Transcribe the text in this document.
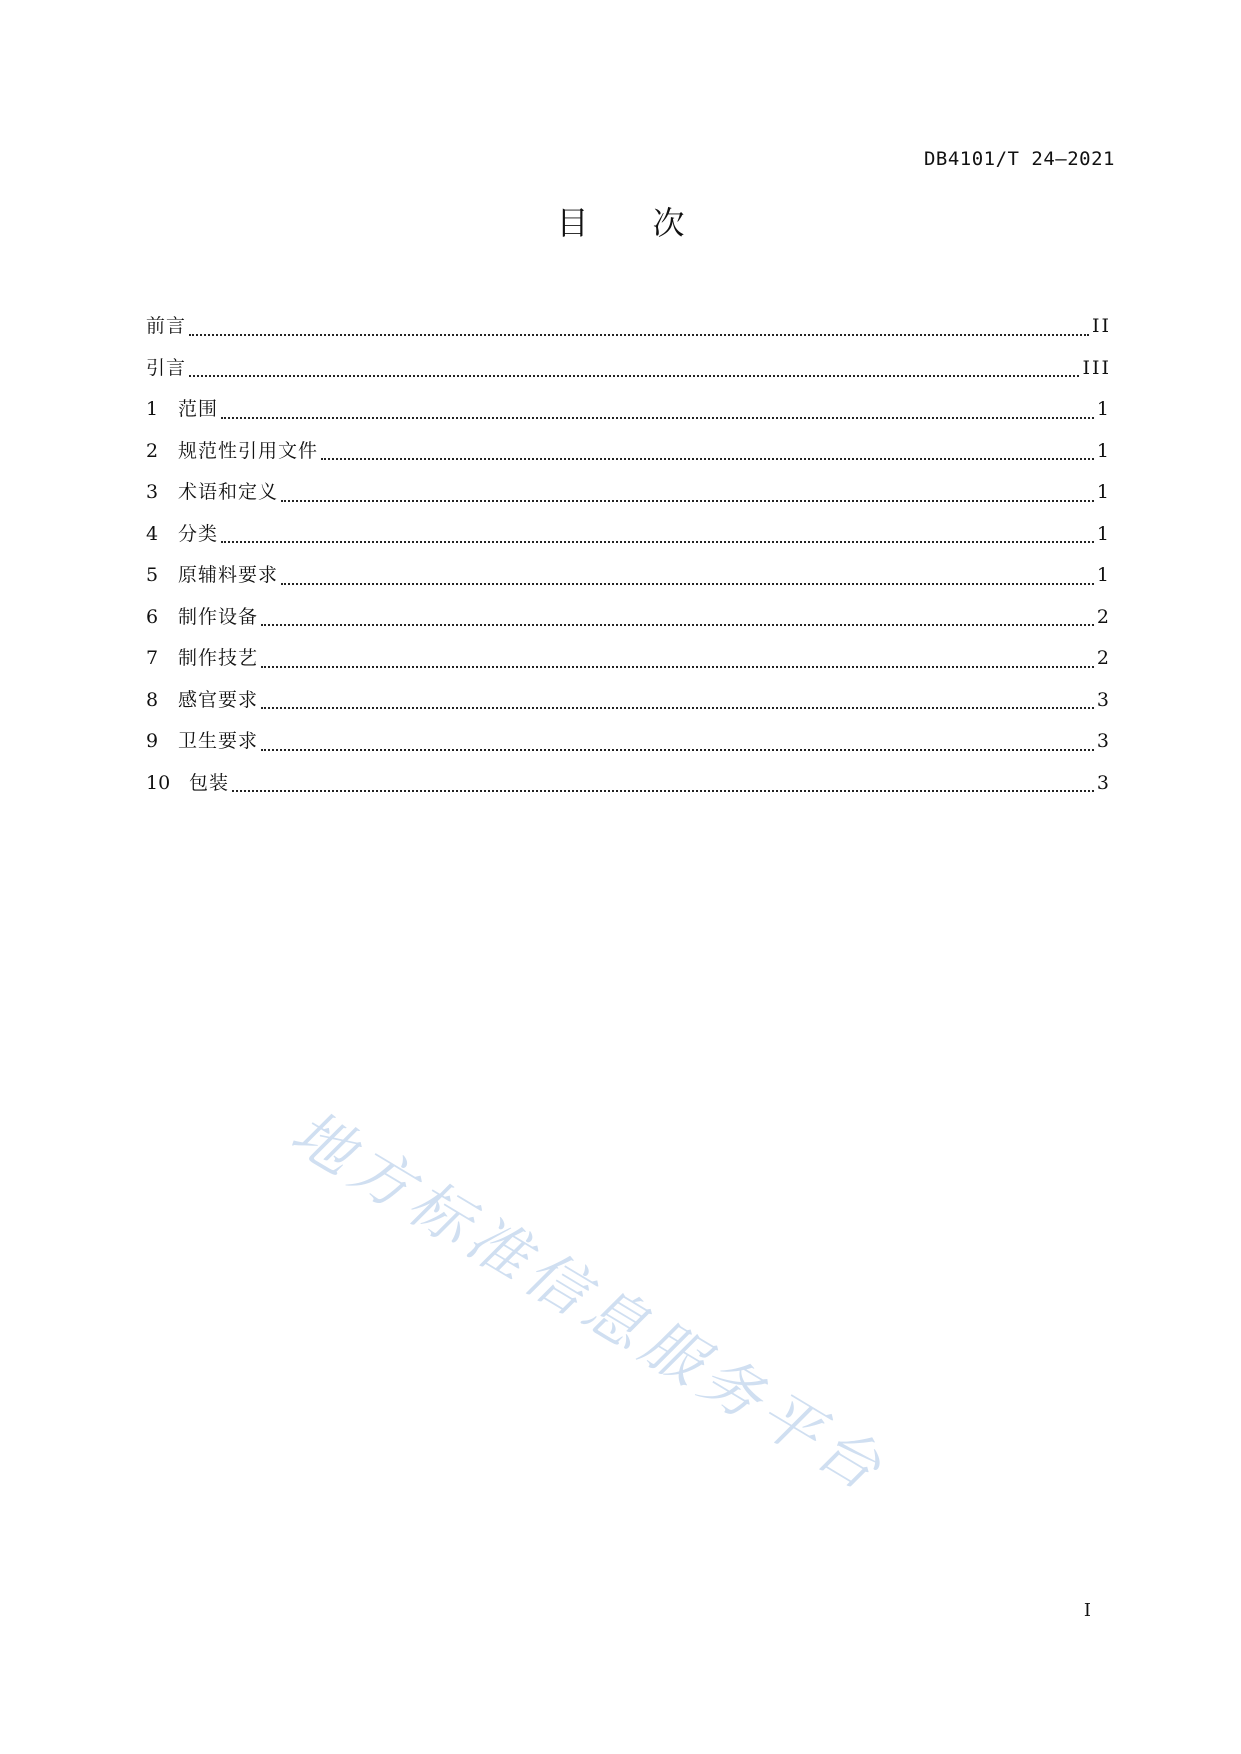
DB4101/T 24—2021
目次
前言	II
引言	III
1	范围	1
2	规范性引用文件	1
3	术语和定义	1
4	分类	1
5	原辅料要求	1
6	制作设备	2
7	制作技艺	2
8	感官要求	3
9	卫生要求	3
10 包装	3
地方标准信息服务平台
I
